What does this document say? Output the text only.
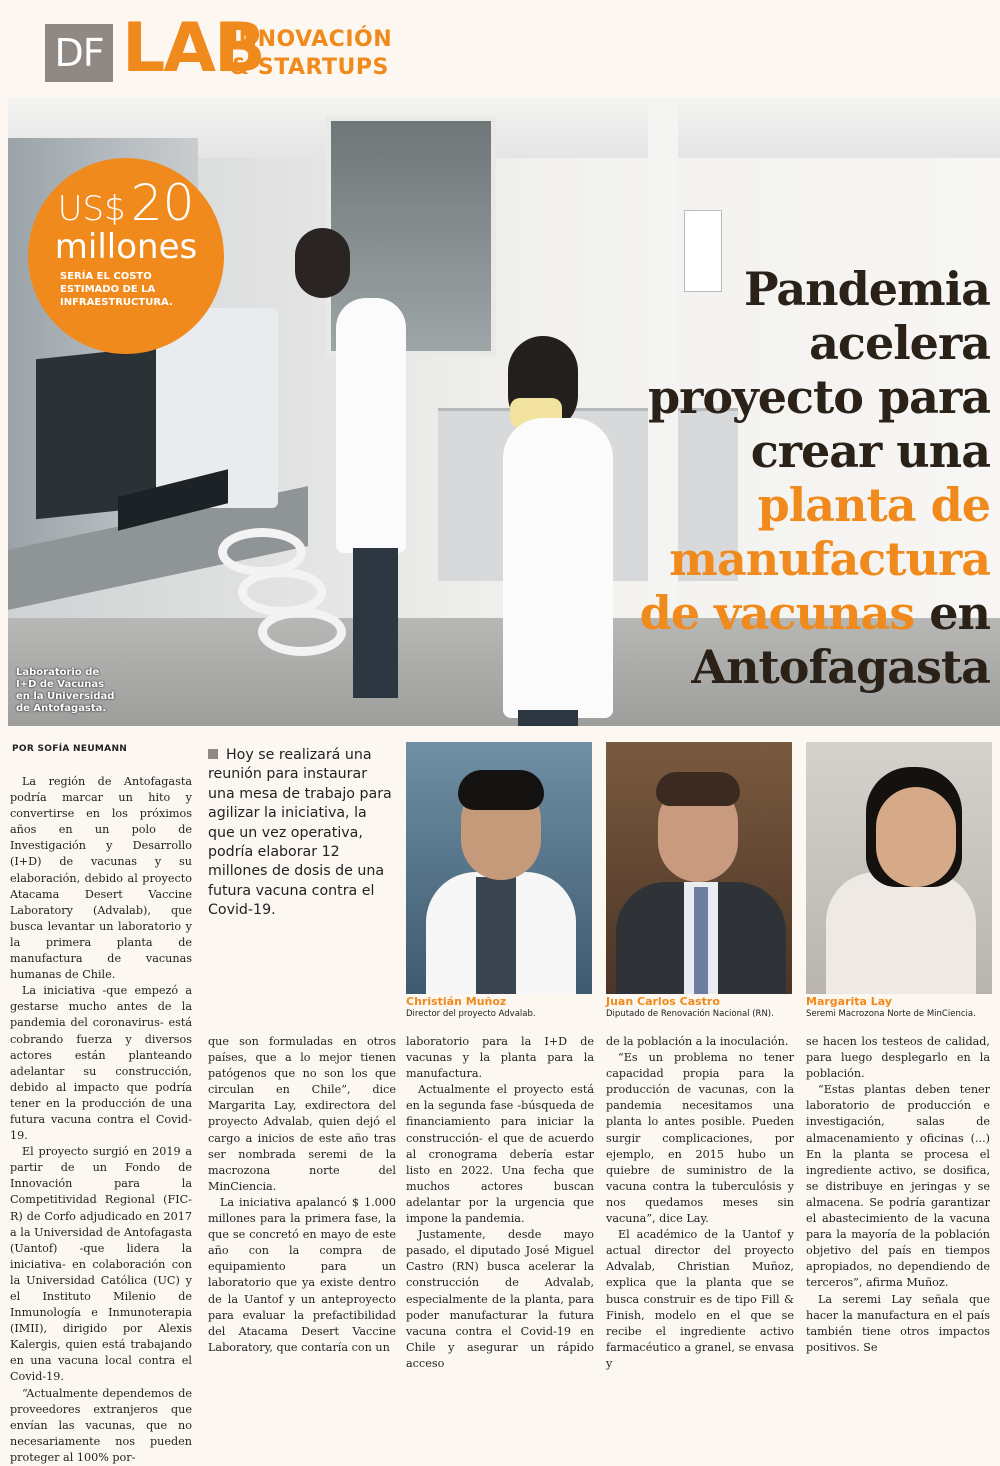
DF LAB
INNOVACIÓN
& STARTUPS
US$ 20
millones
SERÍA EL COSTO ESTIMADO DE LA INFRAESTRUCTURA.
Laboratorio de I+D de Vacunas en la Universidad de Antofagasta.
Pandemia acelera proyecto para crear una planta de manufactura de vacunas en Antofagasta
POR SOFÍA NEUMANN

La región de Antofagasta podría marcar un hito y convertirse en los próximos años en un polo de Investigación y Desarrollo (I+D) de vacunas y su elaboración, debido al proyecto Atacama Desert Vaccine Laboratory (Advalab), que busca levantar un laboratorio y la primera planta de manufactura de vacunas humanas de Chile.

La iniciativa -que empezó a gestarse mucho antes de la pandemia del coronavirus- está cobrando fuerza y diversos actores están planteando adelantar su construcción, debido al impacto que podría tener en la producción de una futura vacuna contra el Covid-19.

El proyecto surgió en 2019 a partir de un Fondo de Innovación para la Competitividad Regional (FIC-R) de Corfo adjudicado en 2017 a la Universidad de Antofagasta (Uantof) -que lidera la iniciativa- en colaboración con la Universidad Católica (UC) y el Instituto Milenio de Inmunología e Inmunoterapia (IMII), dirigido por Alexis Kalergis, quien está trabajando en una vacuna local contra el Covid-19.

“Actualmente dependemos de proveedores extranjeros que envían las vacunas, que no necesariamente nos pueden proteger al 100% por-

Hoy se realizará una reunión para instaurar una mesa de trabajo para agilizar la iniciativa, la que un vez operativa, podría elaborar 12 millones de dosis de una futura vacuna contra el Covid-19.

que son formuladas en otros países, que a lo mejor tienen patógenos que no son los que circulan en Chile”, dice Margarita Lay, exdirectora del proyecto Advalab, quien dejó el cargo a inicios de este año tras ser nombrada seremi de la macrozona norte del MinCiencia.

La iniciativa apalancó $ 1.000 millones para la primera fase, la que se concretó en mayo de este año con la compra de equipamiento para un laboratorio que ya existe dentro de la Uantof y un anteproyecto para evaluar la prefactibilidad del Atacama Desert Vaccine Laboratory, que contaría con un

Christián Muñoz
Director del proyecto Advalab.
Juan Carlos Castro
Diputado de Renovación Nacional (RN).
Margarita Lay
Seremi Macrozona Norte de MinCiencia.

laboratorio para la I+D de vacunas y la planta para la manufactura.

Actualmente el proyecto está en la segunda fase -búsqueda de financiamiento para iniciar la construcción- el que de acuerdo al cronograma debería estar listo en 2022. Una fecha que muchos actores buscan adelantar por la urgencia que impone la pandemia.

Justamente, desde mayo pasado, el diputado José Miguel Castro (RN) busca acelerar la construcción de Advalab, especialmente de la planta, para poder manufacturar la futura vacuna contra el Covid-19 en Chile y asegurar un rápido acceso

de la población a la inoculación.

“Es un problema no tener capacidad propia para la producción de vacunas, con la pandemia necesitamos una planta lo antes posible. Pueden surgir complicaciones, por ejemplo, en 2015 hubo un quiebre de suministro de la vacuna contra la tuberculósis y nos quedamos meses sin vacuna”, dice Lay.

El académico de la Uantof y actual director del proyecto Advalab, Christian Muñoz, explica que la planta que se busca construir es de tipo Fill & Finish, modelo en el que se recibe el ingrediente activo farmacéutico a granel, se envasa y

se hacen los testeos de calidad, para luego desplegarlo en la población.

“Estas plantas deben tener laboratorio de producción e investigación, salas de almacenamiento y oficinas (...) En la planta se procesa el ingrediente activo, se dosifica, se distribuye en jeringas y se almacena. Se podría garantizar el abastecimiento de la vacuna para la mayoría de la población objetivo del país en tiempos apropiados, no dependiendo de terceros”, afirma Muñoz.

La seremi Lay señala que hacer la manufactura en el país también tiene otros impactos positivos. Se
